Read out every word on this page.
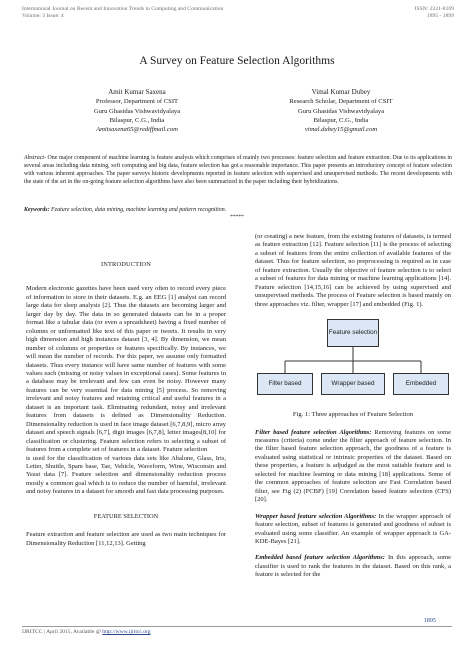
International Journal on Recent and Innovation Trends in Computing and Communication
Volume: 3 Issue: 4
ISSN: 2321-8169
1895 - 1899
A Survey on Feature Selection Algorithms
Amit Kumar Saxena
Professor, Department of CSIT
Guru Ghasidas Vishwavidyalaya
Bilaspur, C.G., India
Amitsaxena65@rediffmail.com
Vimal Kumar Dubey
Research Scholar, Department of CSIT
Guru Ghasidas Vishwavidyalaya
Bilaspur, C.G., India
vimal.dubey15@gmail.com
Abstract- One major component of machine learning is feature analysis which comprises of mainly two processes: feature selection and feature extraction. Due to its applications in several areas including data mining, soft computing and big data, feature selection has got a reasonable importance. This paper presents an introductory concept of feature selection with various inherent approaches. The paper surveys historic developments reported in feature selection with supervised and unsupervised methods. The recent developments with the state of the art in the on-going feature selection algorithms have also been summarized in the paper including their hybridizations.
Keywords: Feature selection, data mining, machine learning and pattern recognition.
*****
INTRODUCTION

Modern electronic gazettes have been used very often to record every piece of information to store in their datasets. E.g. an EEG [1] analyst can record large data for sleep analysis [2]. Thus the datasets are becoming larger and larger day by day. The data in so generated datasets can be in a proper format like a tabular data (or even a spreadsheet) having a fixed number of columns or unformatted like text of this paper or tweets. It results in very high dimension and high instances dataset [3, 4]. By dimension, we mean number of columns or properties or features specifically. By instances, we will mean the number of records. For this paper, we assume only formatted datasets. Thus every instance will have same number of features with some values each (missing or noisy values in exceptional cases). Some features in a database may be irrelevant and few can even be noisy. However many features can be very essential for data mining [5] process. So removing irrelevant and noisy features and retaining critical and useful features in a dataset is an important task. Eliminating redundant, noisy and irrelevant features from datasets is defined as Dimensionality Reduction. Dimensionality reduction is used in face image dataset [6,7,8,9], micro array dataset and speech signals [6,7], digit images [6,7,8], letter images[8,10] for classification or clustering. Feature selection refers to selecting a subset of features from a complete set of features in a dataset. Feature selection

is used for the classification of various data sets like Abalone, Glass, Iris, Letter, Shuttle, Spam base, Tae, Vehicle, Waveform, Wine, Wisconsin and Yeast data [7]. Feature selection and dimensionality reduction process mostly a common goal which is to reduce the number of harmful, irrelevant and noisy features in a dataset for smooth and fast data processing purposes.

FEATURE SELECTION

Feature extraction and feature selection are used as two main techniques for Dimensionality Reduction [11,12,13]. Getting

(or creating) a new feature, from the existing features of datasets, is termed as feature extraction [12]. Feature selection [11] is the process of selecting a subset of features from the entire collection of available features of the dataset. Thus for feature selection, no preprocessing is required as in case of feature extraction. Usually the objective of feature selection is to select a subset of features for data mining or machine learning applications [14]. Feature selection [14,15,16] can be achieved by using supervised and unsupervised methods. The process of Feature selection is based mainly on three approaches viz. filter, wrapper [17] and embedded (Fig. 1).

Feature selection
Filter based	Wrapper based	Embedded
Fig. 1: Three approaches of Feature Selection

Filter based feature selection Algorithms: Removing features on some measures (criteria) come under the filter approach of feature selection. In the filter based feature selection approach, the goodness of a feature is evaluated using statistical or intrinsic properties of the dataset. Based on these properties, a feature is adjudged as the most suitable feature and is selected for machine learning or data mining [18] applications. Some of the common approaches of feature selection are Fast Correlation based filter, see Fig (2) (FCBF) [19] Correlation based feature selection (CFS) [20].

Wrapper based feature selection Algorithms: In the wrapper approach of feature selection, subset of features is generated and goodness of subset is evaluated using some classifier. An example of wrapper approach is GA-KDE-Bayes [21].

Embedded based feature selection Algorithms: In this approach, some classifier is used to rank the features in the dataset. Based on this rank, a feature is selected for the

1895
IJRITCC | April 2015, Available @ http://www.ijritcc.org
